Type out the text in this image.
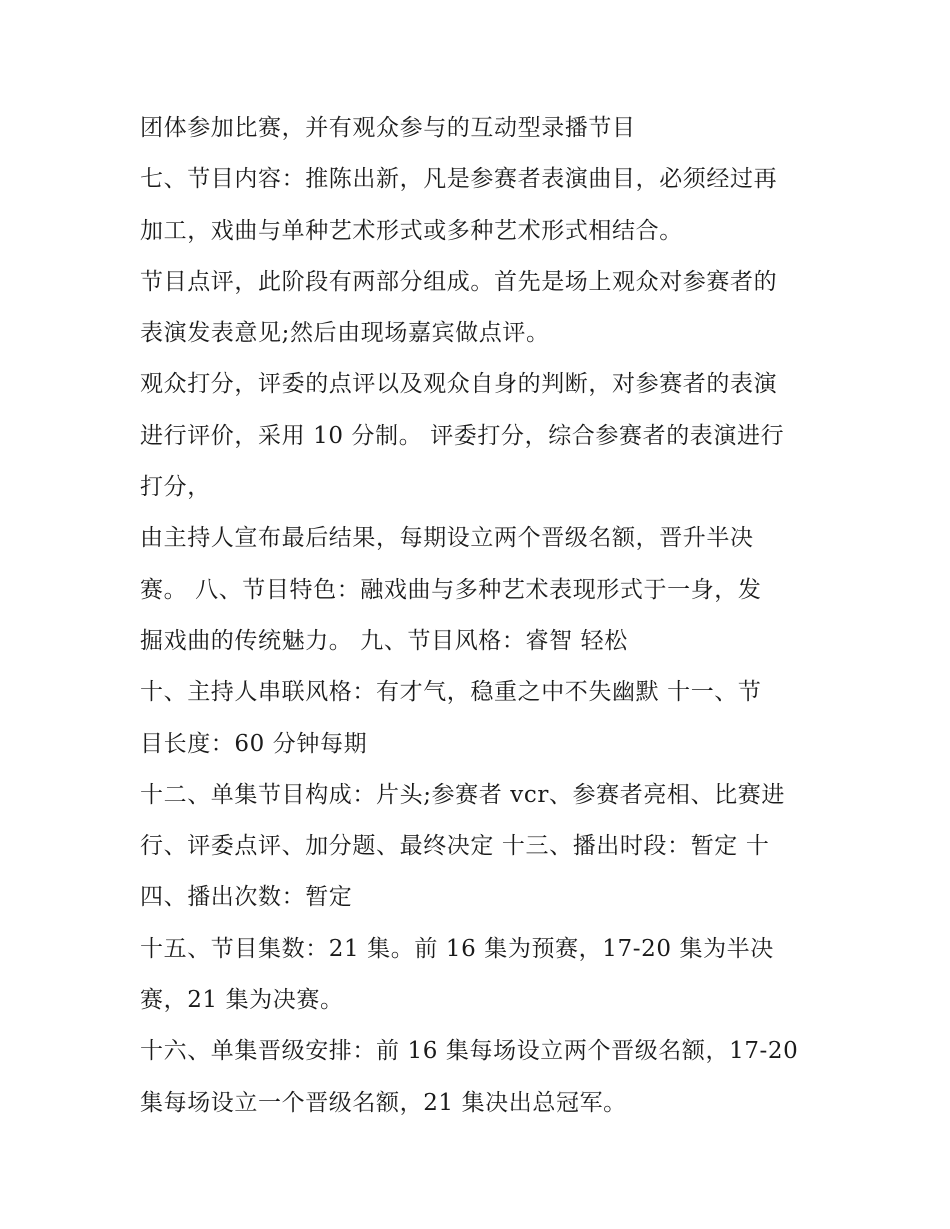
团体参加比赛，并有观众参与的互动型录播节目
七、节目内容：推陈出新，凡是参赛者表演曲目，必须经过再
加工，戏曲与单种艺术形式或多种艺术形式相结合。
节目点评，此阶段有两部分组成。首先是场上观众对参赛者的
表演发表意见;然后由现场嘉宾做点评。
观众打分，评委的点评以及观众自身的判断，对参赛者的表演
进行评价，采用 10 分制。 评委打分，综合参赛者的表演进行
打分，
由主持人宣布最后结果，每期设立两个晋级名额，晋升半决
赛。 八、节目特色：融戏曲与多种艺术表现形式于一身，发
掘戏曲的传统魅力。 九、节目风格：睿智 轻松
十、主持人串联风格：有才气，稳重之中不失幽默 十一、节
目长度：60 分钟每期
十二、单集节目构成：片头;参赛者 vcr、参赛者亮相、比赛进
行、评委点评、加分题、最终决定 十三、播出时段：暂定 十
四、播出次数：暂定
十五、节目集数：21 集。前 16 集为预赛，17-20 集为半决
赛，21 集为决赛。
十六、单集晋级安排：前 16 集每场设立两个晋级名额，17-20
集每场设立一个晋级名额，21 集决出总冠军。
